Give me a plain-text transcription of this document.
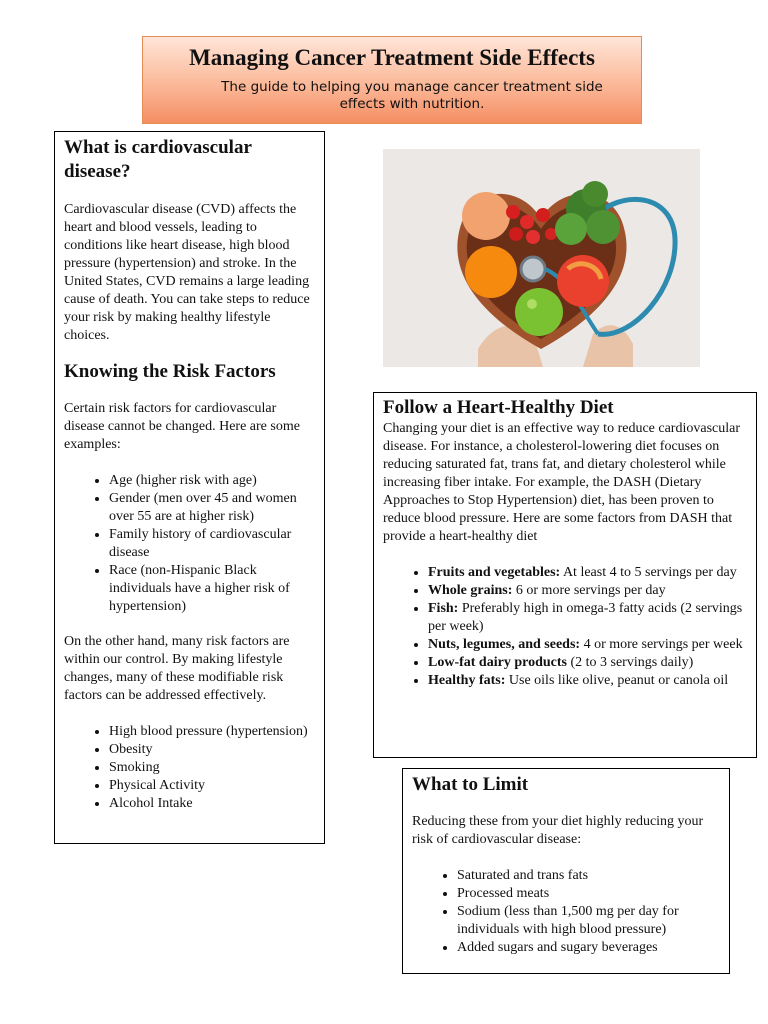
Managing Cancer Treatment Side Effects

The guide to helping you manage cancer treatment side effects with nutrition.

What is cardiovascular disease?

Cardiovascular disease (CVD) affects the heart and blood vessels, leading to conditions like heart disease, high blood pressure (hypertension) and stroke. In the United States, CVD remains a large leading cause of death. You can take steps to reduce your risk by making healthy lifestyle choices.

Knowing the Risk Factors

Certain risk factors for cardiovascular disease cannot be changed. Here are some examples:

• Age (higher risk with age)
• Gender (men over 45 and women over 55 are at higher risk)
• Family history of cardiovascular disease
• Race (non-Hispanic Black individuals have a higher risk of hypertension)

On the other hand, many risk factors are within our control. By making lifestyle changes, many of these modifiable risk factors can be addressed effectively.

• High blood pressure (hypertension)
• Obesity
• Smoking
• Physical Activity
• Alcohol Intake
Follow a Heart-Healthy Diet

Changing your diet is an effective way to reduce cardiovascular disease. For instance, a cholesterol-lowering diet focuses on reducing saturated fat, trans fat, and dietary cholesterol while increasing fiber intake. For example, the DASH (Dietary Approaches to Stop Hypertension) diet, has been proven to reduce blood pressure. Here are some factors from DASH that provide a heart-healthy diet

• Fruits and vegetables: At least 4 to 5 servings per day
• Whole grains: 6 or more servings per day
• Fish: Preferably high in omega-3 fatty acids (2 servings per week)
• Nuts, legumes, and seeds: 4 or more servings per week
• Low-fat dairy products (2 to 3 servings daily)
• Healthy fats: Use oils like olive, peanut or canola oil
What to Limit

Reducing these from your diet highly reducing your risk of cardiovascular disease:

• Saturated and trans fats
• Processed meats
• Sodium (less than 1,500 mg per day for individuals with high blood pressure)
• Added sugars and sugary beverages
